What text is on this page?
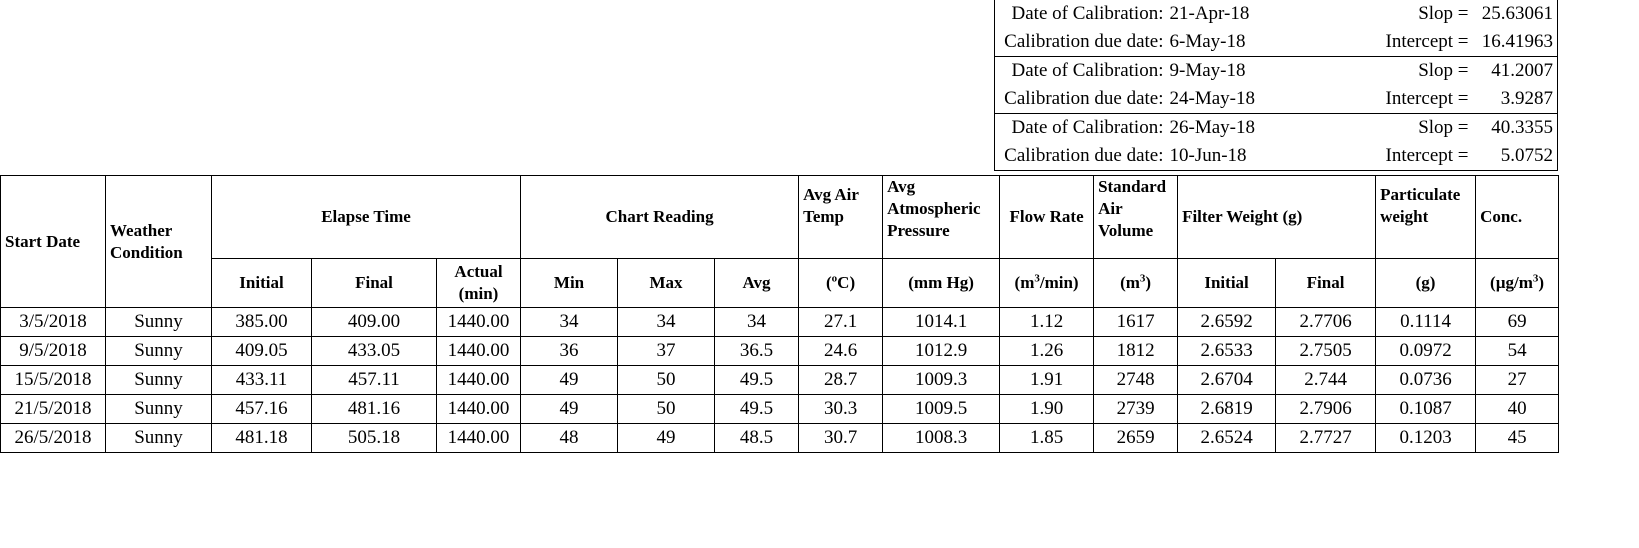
Date of Calibration:	21-Apr-18	Slop =	25.63061
Calibration due date:	6-May-18	Intercept =	16.41963
Date of Calibration:	9-May-18	Slop =	41.2007
Calibration due date:	24-May-18	Intercept =	3.9287
Date of Calibration:	26-May-18	Slop =	40.3355
Calibration due date:	10-Jun-18	Intercept =	5.0752
Start Date	Weather Condition	Elapse Time			Chart Reading			Avg Air Temp	Avg Atmospheric Pressure	Flow Rate	Standard Air Volume	Filter Weight (g)		Particulate weight	Conc.
		Initial	Final	Actual (min)	Min	Max	Avg	($^o$C)	(mm Hg)	$(m^3/\min)$	$(m^3)$	Initial	Final	(g)	$(\mu g/m^3)$
3/5/2018	Sunny	385.00	409.00	1440.00	34	34	34	27.1	1014.1	1.12	1617	2.6592	2.7706	0.1114	69
9/5/2018	Sunny	409.05	433.05	1440.00	36	37	36.5	24.6	1012.9	1.26	1812	2.6533	2.7505	0.0972	54
15/5/2018	Sunny	433.11	457.11	1440.00	49	50	49.5	28.7	1009.3	1.91	2748	2.6704	2.744	0.0736	27
21/5/2018	Sunny	457.16	481.16	1440.00	49	50	49.5	30.3	1009.5	1.90	2739	2.6819	2.7906	0.1087	40
26/5/2018	Sunny	481.18	505.18	1440.00	48	49	48.5	30.7	1008.3	1.85	2659	2.6524	2.7727	0.1203	45
